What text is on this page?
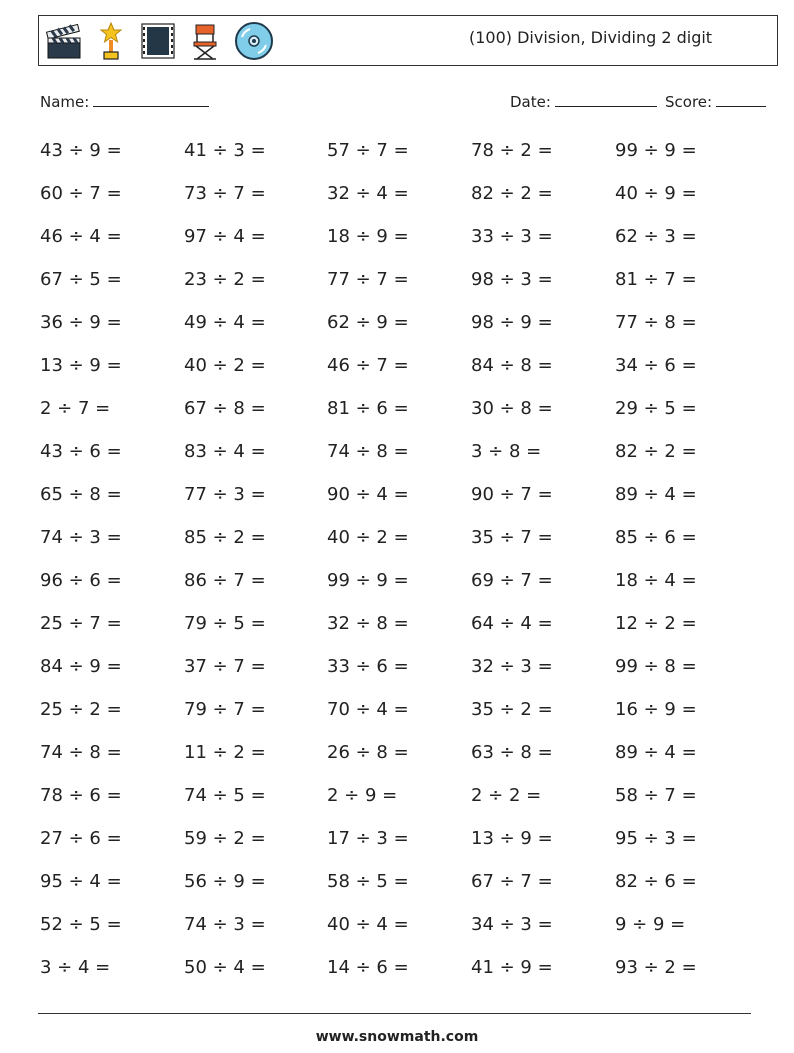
(100) Division, Dividing 2 digit
Name:	Date:	Score:
43 ÷ 9 =	41 ÷ 3 =	57 ÷ 7 =	78 ÷ 2 =	99 ÷ 9 =
60 ÷ 7 =	73 ÷ 7 =	32 ÷ 4 =	82 ÷ 2 =	40 ÷ 9 =
46 ÷ 4 =	97 ÷ 4 =	18 ÷ 9 =	33 ÷ 3 =	62 ÷ 3 =
67 ÷ 5 =	23 ÷ 2 =	77 ÷ 7 =	98 ÷ 3 =	81 ÷ 7 =
36 ÷ 9 =	49 ÷ 4 =	62 ÷ 9 =	98 ÷ 9 =	77 ÷ 8 =
13 ÷ 9 =	40 ÷ 2 =	46 ÷ 7 =	84 ÷ 8 =	34 ÷ 6 =
2 ÷ 7 =	67 ÷ 8 =	81 ÷ 6 =	30 ÷ 8 =	29 ÷ 5 =
43 ÷ 6 =	83 ÷ 4 =	74 ÷ 8 =	3 ÷ 8 =	82 ÷ 2 =
65 ÷ 8 =	77 ÷ 3 =	90 ÷ 4 =	90 ÷ 7 =	89 ÷ 4 =
74 ÷ 3 =	85 ÷ 2 =	40 ÷ 2 =	35 ÷ 7 =	85 ÷ 6 =
96 ÷ 6 =	86 ÷ 7 =	99 ÷ 9 =	69 ÷ 7 =	18 ÷ 4 =
25 ÷ 7 =	79 ÷ 5 =	32 ÷ 8 =	64 ÷ 4 =	12 ÷ 2 =
84 ÷ 9 =	37 ÷ 7 =	33 ÷ 6 =	32 ÷ 3 =	99 ÷ 8 =
25 ÷ 2 =	79 ÷ 7 =	70 ÷ 4 =	35 ÷ 2 =	16 ÷ 9 =
74 ÷ 8 =	11 ÷ 2 =	26 ÷ 8 =	63 ÷ 8 =	89 ÷ 4 =
78 ÷ 6 =	74 ÷ 5 =	2 ÷ 9 =	2 ÷ 2 =	58 ÷ 7 =
27 ÷ 6 =	59 ÷ 2 =	17 ÷ 3 =	13 ÷ 9 =	95 ÷ 3 =
95 ÷ 4 =	56 ÷ 9 =	58 ÷ 5 =	67 ÷ 7 =	82 ÷ 6 =
52 ÷ 5 =	74 ÷ 3 =	40 ÷ 4 =	34 ÷ 3 =	9 ÷ 9 =
3 ÷ 4 =	50 ÷ 4 =	14 ÷ 6 =	41 ÷ 9 =	93 ÷ 2 =
www.snowmath.com
